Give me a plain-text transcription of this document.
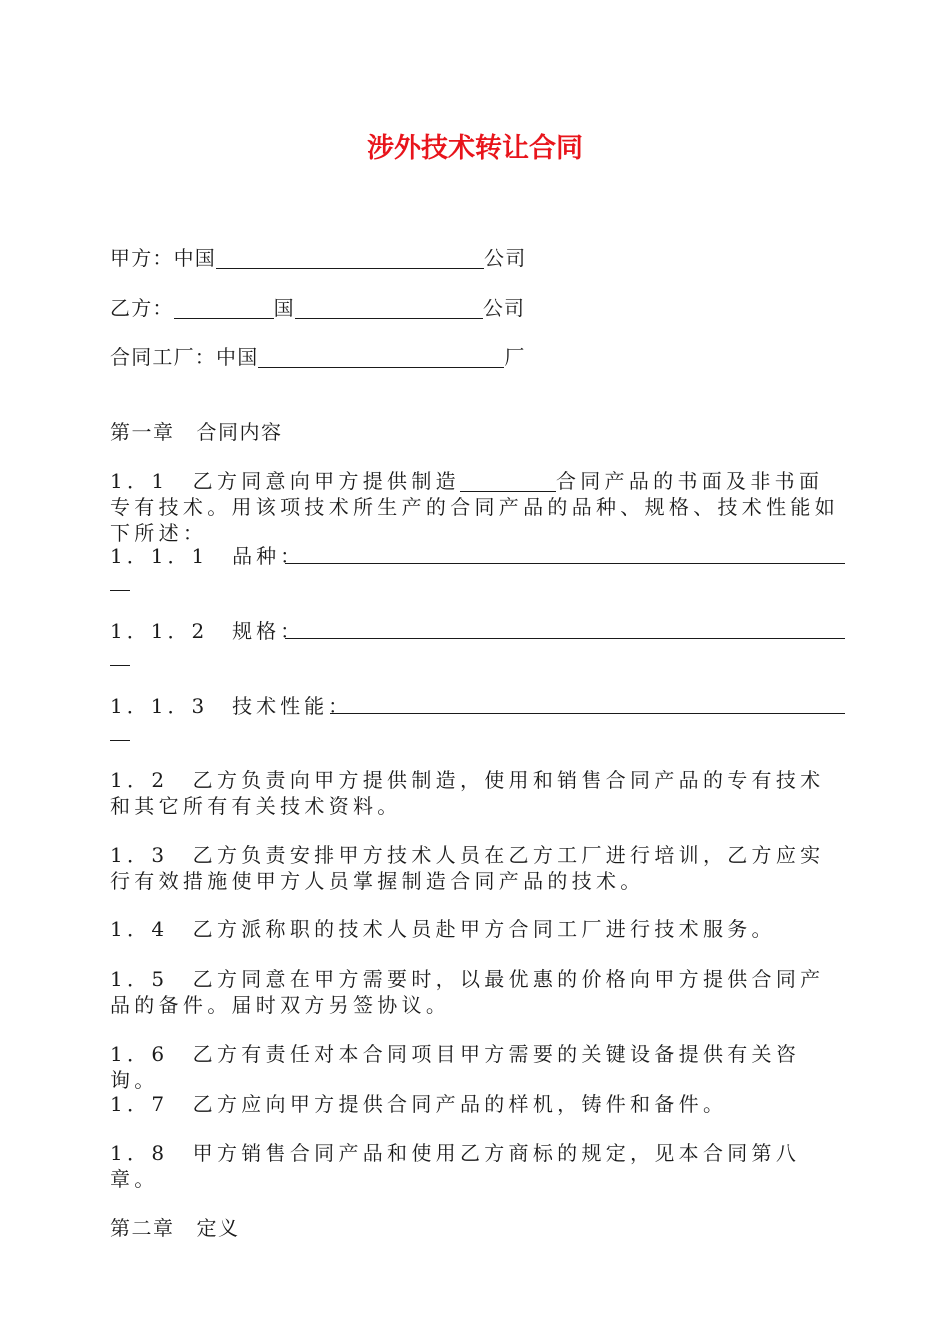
涉外技术转让合同
甲方：中国	公司
乙方：	国	公司
合同工厂：中国	厂
第一章 合同内容
1．1　乙方同意向甲方提供制造	合同产品的书面及非书面专有技术。用该项技术所生产的合同产品的品种、规格、技术性能如下所述：
1．1．1　品种：
1．1．2　规格：
1．1．3　技术性能：
1．2　乙方负责向甲方提供制造，使用和销售合同产品的专有技术和其它所有有关技术资料。
1．3　乙方负责安排甲方技术人员在乙方工厂进行培训，乙方应实行有效措施使甲方人员掌握制造合同产品的技术。
1．4　乙方派称职的技术人员赴甲方合同工厂进行技术服务。
1．5　乙方同意在甲方需要时，以最优惠的价格向甲方提供合同产品的备件。届时双方另签协议。
1．6　乙方有责任对本合同项目甲方需要的关键设备提供有关咨询。
1．7　乙方应向甲方提供合同产品的样机，铸件和备件。
1．8　甲方销售合同产品和使用乙方商标的规定，见本合同第八章。
第二章 定义
